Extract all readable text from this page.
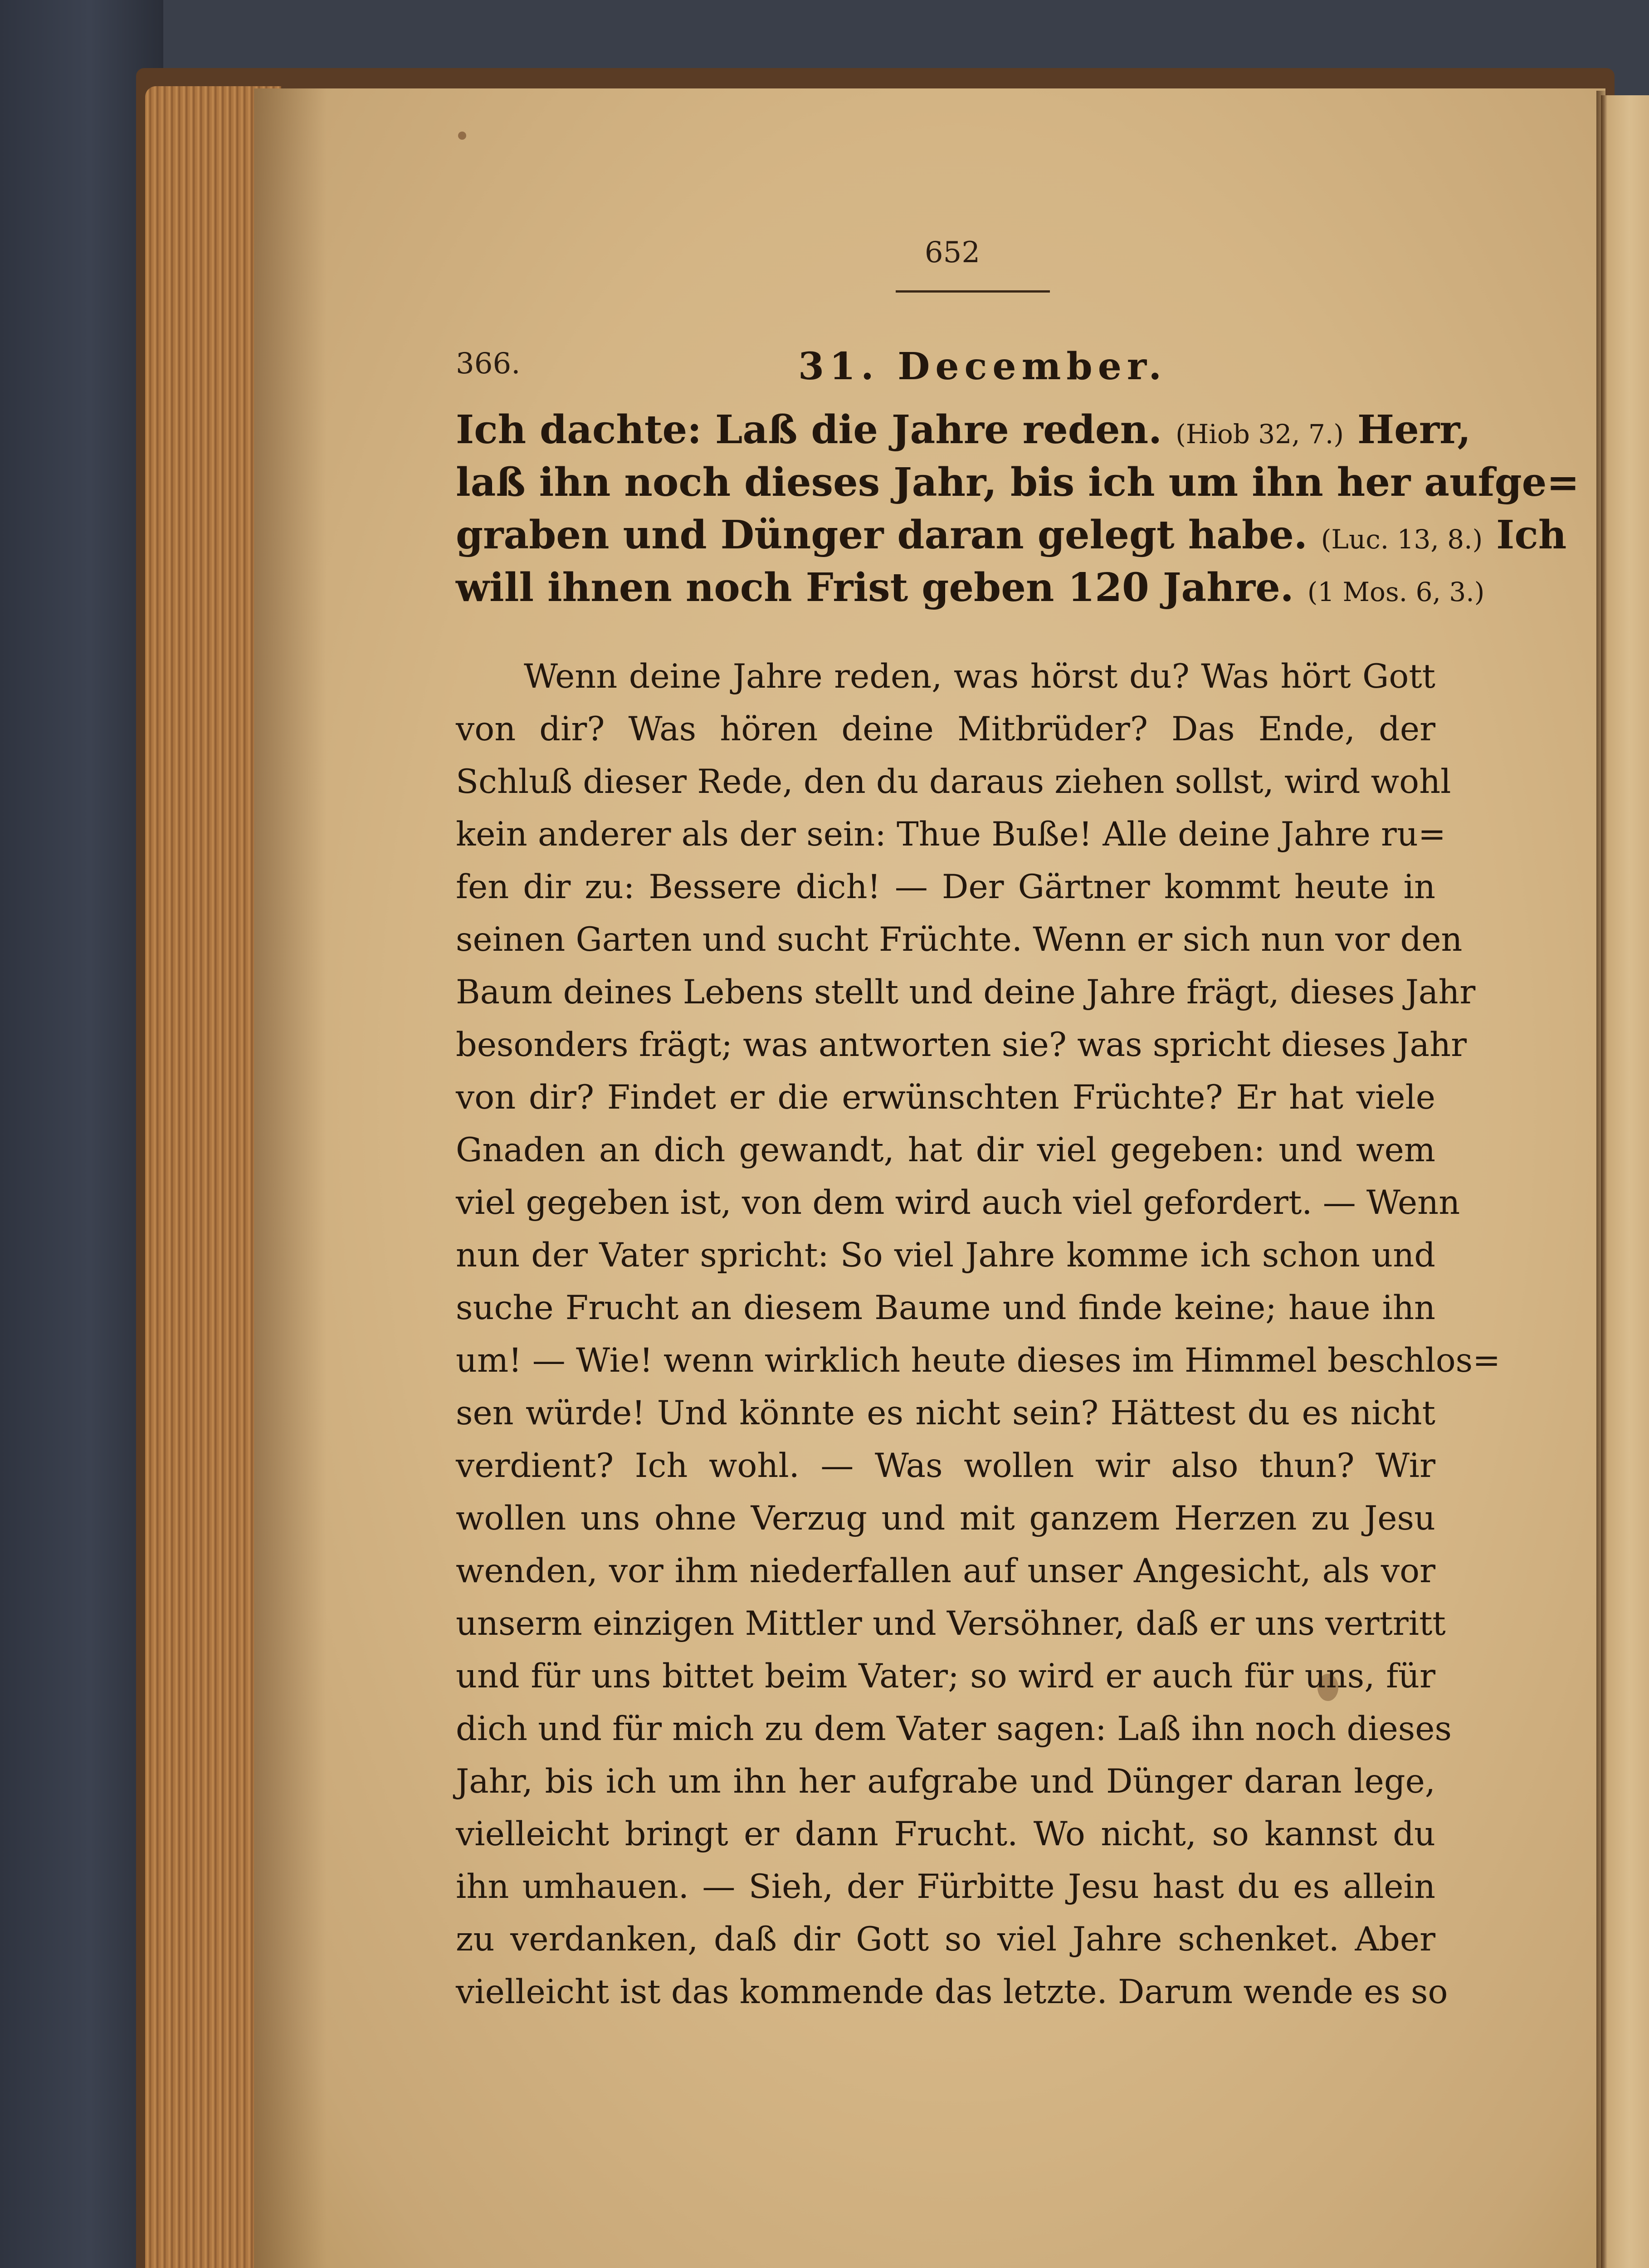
652
366.	31. December.
Ich dachte: Laß die Jahre reden. (Hiob 32, 7.) Herr,
laß ihn noch dieses Jahr, bis ich um ihn her aufge=
graben und Dünger daran gelegt habe. (Luc. 13, 8.) Ich
will ihnen noch Frist geben 120 Jahre. (1 Mos. 6, 3.)
Wenn deine Jahre reden, was hörst du? Was hört Gott
von dir? Was hören deine Mitbrüder? Das Ende, der
Schluß dieser Rede, den du daraus ziehen sollst, wird wohl
kein anderer als der sein: Thue Buße! Alle deine Jahre ru=
fen dir zu: Bessere dich! — Der Gärtner kommt heute in
seinen Garten und sucht Früchte. Wenn er sich nun vor den
Baum deines Lebens stellt und deine Jahre frägt, dieses Jahr
besonders frägt; was antworten sie? was spricht dieses Jahr
von dir? Findet er die erwünschten Früchte? Er hat viele
Gnaden an dich gewandt, hat dir viel gegeben: und wem
viel gegeben ist, von dem wird auch viel gefordert. — Wenn
nun der Vater spricht: So viel Jahre komme ich schon und
suche Frucht an diesem Baume und finde keine; haue ihn
um! — Wie! wenn wirklich heute dieses im Himmel beschlos=
sen würde! Und könnte es nicht sein? Hättest du es nicht
verdient? Ich wohl. — Was wollen wir also thun? Wir
wollen uns ohne Verzug und mit ganzem Herzen zu Jesu
wenden, vor ihm niederfallen auf unser Angesicht, als vor
unserm einzigen Mittler und Versöhner, daß er uns vertritt
und für uns bittet beim Vater; so wird er auch für uns, für
dich und für mich zu dem Vater sagen: Laß ihn noch dieses
Jahr, bis ich um ihn her aufgrabe und Dünger daran lege,
vielleicht bringt er dann Frucht. Wo nicht, so kannst du
ihn umhauen. — Sieh, der Fürbitte Jesu hast du es allein
zu verdanken, daß dir Gott so viel Jahre schenket. Aber
vielleicht ist das kommende das letzte. Darum wende es so
